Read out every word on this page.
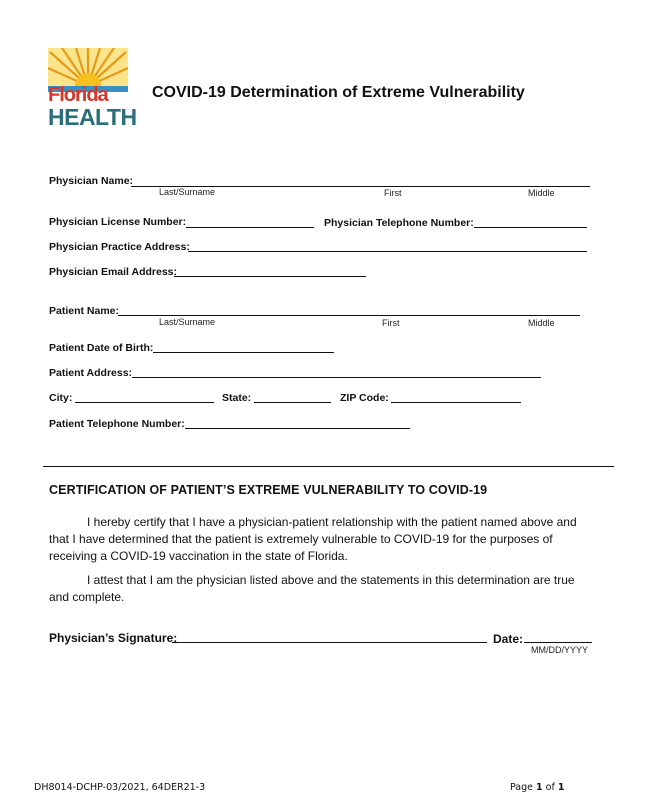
Florida
HEALTH
COVID-19 Determination of Extreme Vulnerability
Physician Name:
Last/Surname	First	Middle
Physician License Number:	Physician Telephone Number:
Physician Practice Address:
Physician Email Address:
Patient Name:
Last/Surname	First	Middle
Patient Date of Birth:
Patient Address:
City:	State:	ZIP Code:
Patient Telephone Number:
CERTIFICATION OF PATIENT’S EXTREME VULNERABILITY TO COVID-19

I hereby certify that I have a physician-patient relationship with the patient named above and that I have determined that the patient is extremely vulnerable to COVID-19 for the purposes of receiving a COVID-19 vaccination in the state of Florida.

I attest that I am the physician listed above and the statements in this determination are true and complete.

Physician’s Signature:	Date:
MM/DD/YYYY
DH8014-DCHP-03/2021, 64DER21-3	Page 1 of 1
